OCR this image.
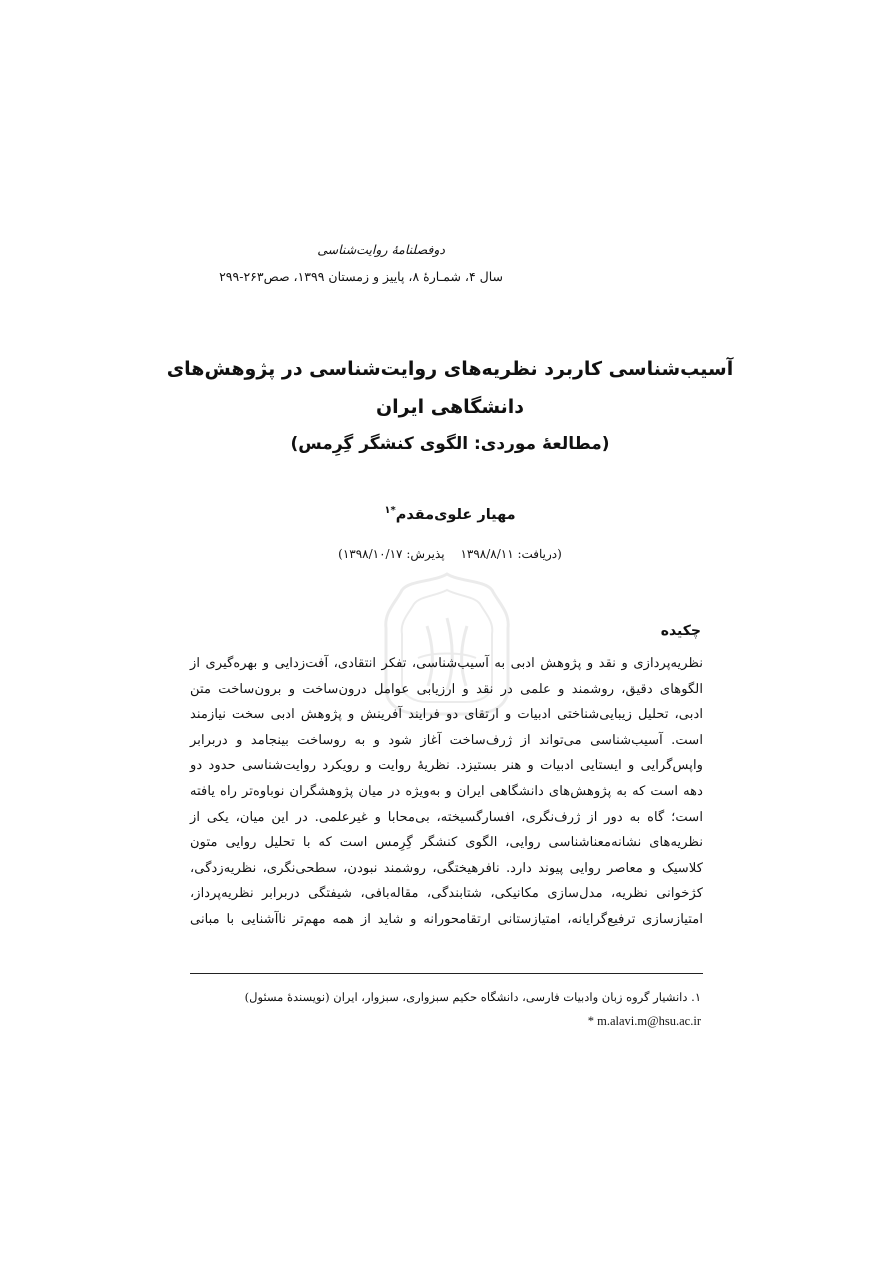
دوفصلنامهٔ روایت‌شناسی
سال ۴، شمـارهٔ ۸، پاییز و زمستان ۱۳۹۹، صص۲۶۳-۲۹۹
آسیب‌شناسی کاربرد نظریه‌های روایت‌شناسی در پژوهش‌های
دانشگاهی ایران
(مطالعهٔ موردی: الگوی کنشگر گِرِمس)
مهیار علوی‌مقدم$^{*۱}$
(دریافت: ۱۳۹۸/۸/۱۱ پذیرش: ۱۳۹۸/۱۰/۱۷)
چکیده
نظریه‌پردازی و نقد و پژوهش ادبی به آسیب‌شناسی، تفکر انتقادی، آفت‌زدایی و بهره‌گیری از
الگوهای دقیق، روشمند و علمی در نقد و ارزیابی عوامل درون‌ساخت و برون‌ساخت متن
ادبی، تحلیل زیبایی‌شناختی ادبیات و ارتقای دو فرایند آفرینش و پژوهش ادبی سخت نیازمند
است. آسیب‌شناسی می‌تواند از ژرف‌ساخت آغاز شود و به روساخت بینجامد و دربرابر
واپس‌گرایی و ایستایی ادبیات و هنر بستیزد. نظریهٔ روایت و رویکرد روایت‌شناسی حدود دو
دهه است که به پژوهش‌های دانشگاهی ایران و به‌ویژه در میان پژوهشگران نوباوه‌تر راه یافته
است؛ گاه به دور از ژرف‌نگری، افسارگسیخته، بی‌محابا و غیرعلمی. در این میان، یکی از
نظریه‌های نشانه‌معناشناسی روایی، الگوی کنشگر گِرِمس است که با تحلیل روایی متون
کلاسیک و معاصر روایی پیوند دارد. نافرهیختگی، روشمند نبودن، سطحی‌نگری، نظریه‌زدگی،
کژخوانی نظریه، مدل‌سازی مکانیکی، شتابندگی، مقاله‌بافی، شیفتگی دربرابر نظریه‌پرداز،
امتیازسازی ترفیع‌گرایانه، امتیازستانی ارتقامحورانه و شاید از همه مهم‌تر ناآشنایی با مبانی
۱. دانشیار گروه زبان وادبیات فارسی، دانشگاه حکیم سبزواری، سبزوار، ایران (نویسندهٔ مسئول)
* m.alavi.m@hsu.ac.ir
